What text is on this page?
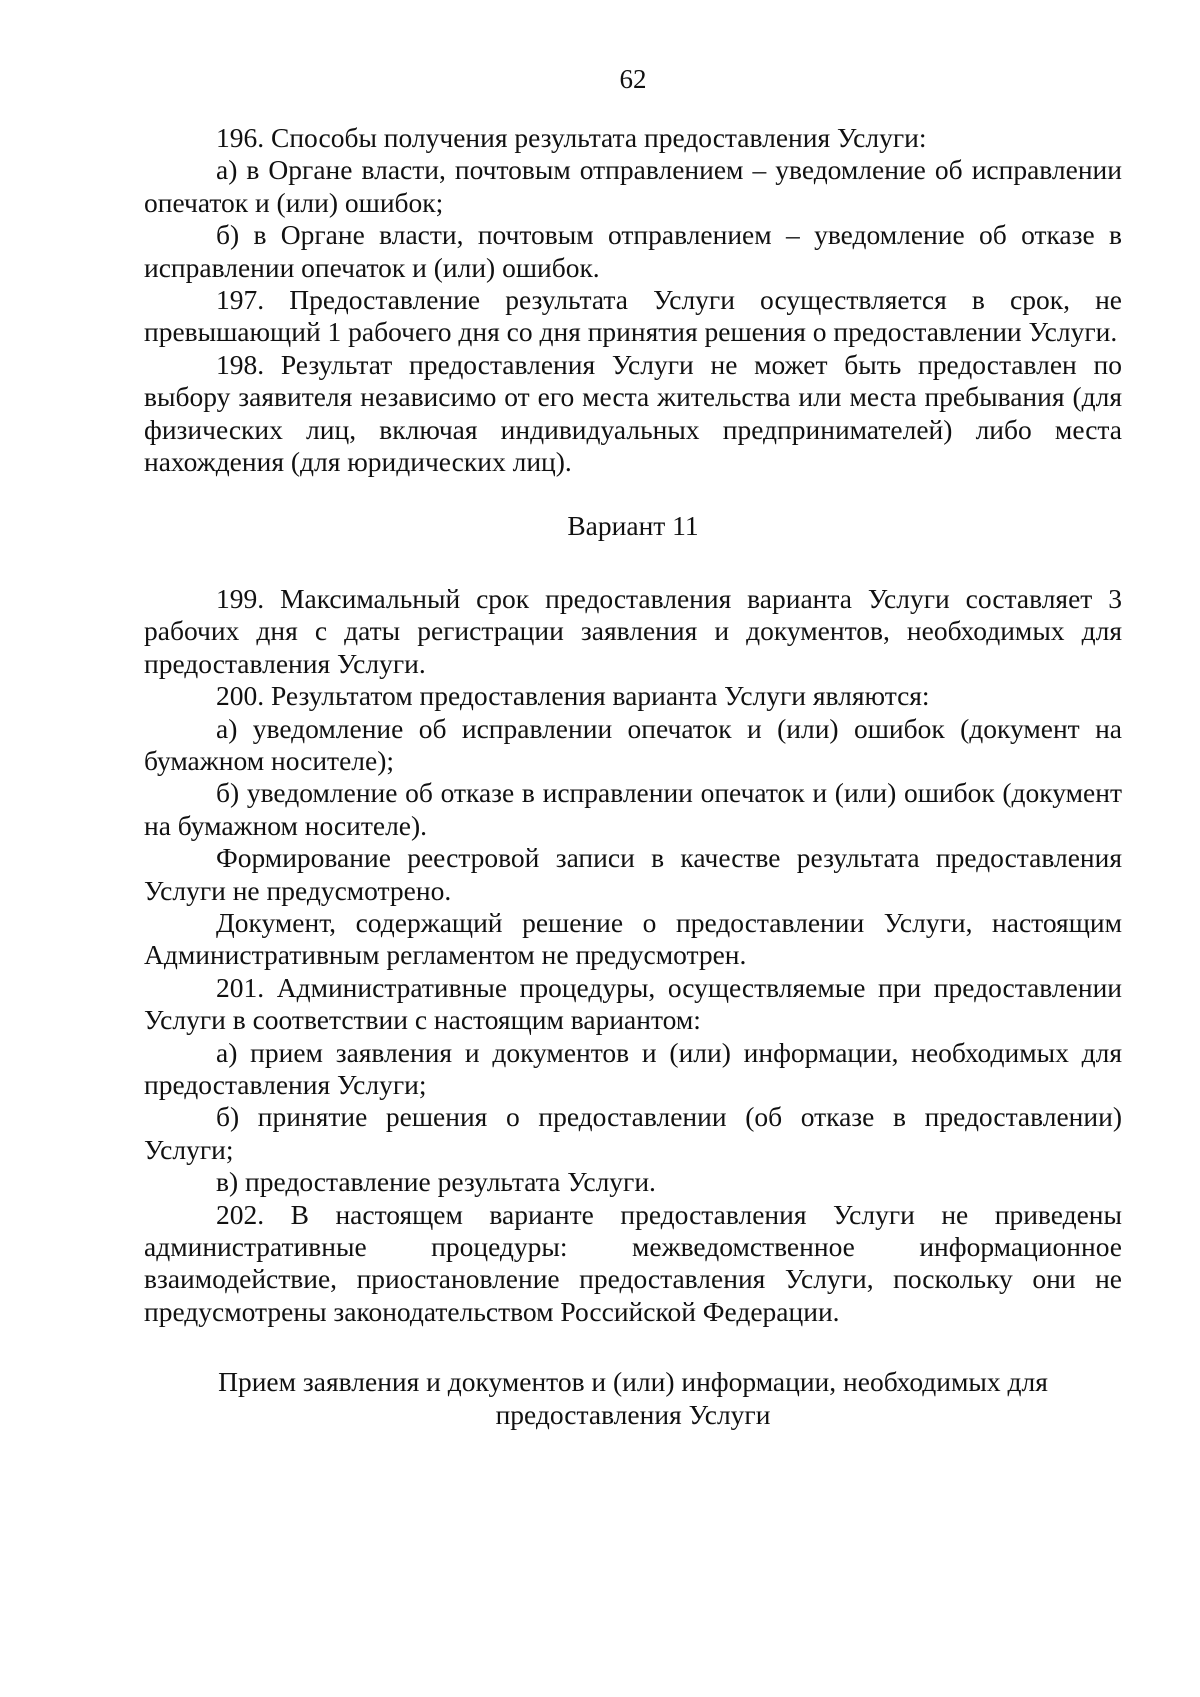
62

196. Способы получения результата предоставления Услуги:

а) в Органе власти, почтовым отправлением – уведомление об исправлении опечаток и (или) ошибок;

б) в Органе власти, почтовым отправлением – уведомление об отказе в исправлении опечаток и (или) ошибок.

197. Предоставление результата Услуги осуществляется в срок, не превышающий 1 рабочего дня со дня принятия решения о предоставлении Услуги.

198. Результат предоставления Услуги не может быть предоставлен по выбору заявителя независимо от его места жительства или места пребывания (для физических лиц, включая индивидуальных предпринимателей) либо места нахождения (для юридических лиц).

Вариант 11

199. Максимальный срок предоставления варианта Услуги составляет 3 рабочих дня с даты регистрации заявления и документов, необходимых для предоставления Услуги.

200. Результатом предоставления варианта Услуги являются:

а) уведомление об исправлении опечаток и (или) ошибок (документ на бумажном носителе);

б) уведомление об отказе в исправлении опечаток и (или) ошибок (документ на бумажном носителе).

Формирование реестровой записи в качестве результата предоставления Услуги не предусмотрено.

Документ, содержащий решение о предоставлении Услуги, настоящим Административным регламентом не предусмотрен.

201. Административные процедуры, осуществляемые при предоставлении Услуги в соответствии с настоящим вариантом:

а) прием заявления и документов и (или) информации, необходимых для предоставления Услуги;

б) принятие решения о предоставлении (об отказе в предоставлении) Услуги;

в) предоставление результата Услуги.

202. В настоящем варианте предоставления Услуги не приведены административные процедуры: межведомственное информационное взаимодействие, приостановление предоставления Услуги, поскольку они не предусмотрены законодательством Российской Федерации.

Прием заявления и документов и (или) информации, необходимых для предоставления Услуги
